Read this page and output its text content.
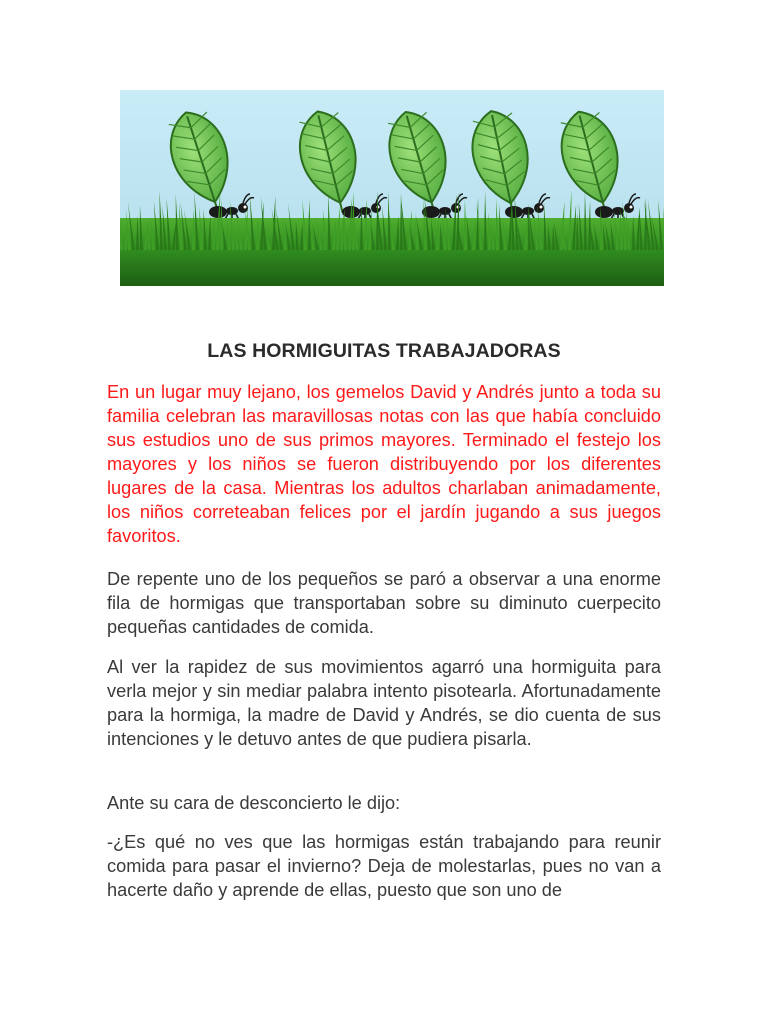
LAS HORMIGUITAS TRABAJADORAS

En un lugar muy lejano, los gemelos David y Andrés junto a toda su familia celebran las maravillosas notas con las que había concluido sus estudios uno de sus primos mayores. Terminado el festejo los mayores y los niños se fueron distribuyendo por los diferentes lugares de la casa. Mientras los adultos charlaban animadamente, los niños correteaban felices por el jardín jugando a sus juegos favoritos.

De repente uno de los pequeños se paró a observar a una enorme fila de hormigas que transportaban sobre su diminuto cuerpecito pequeñas cantidades de comida.

Al ver la rapidez de sus movimientos agarró una hormiguita para verla mejor y sin mediar palabra intento pisotearla. Afortunadamente para la hormiga, la madre de David y Andrés, se dio cuenta de sus intenciones y le detuvo antes de que pudiera pisarla.

Ante su cara de desconcierto le dijo:

-¿Es qué no ves que las hormigas están trabajando para reunir comida para pasar el invierno? Deja de molestarlas, pues no van a hacerte daño y aprende de ellas, puesto que son uno de
